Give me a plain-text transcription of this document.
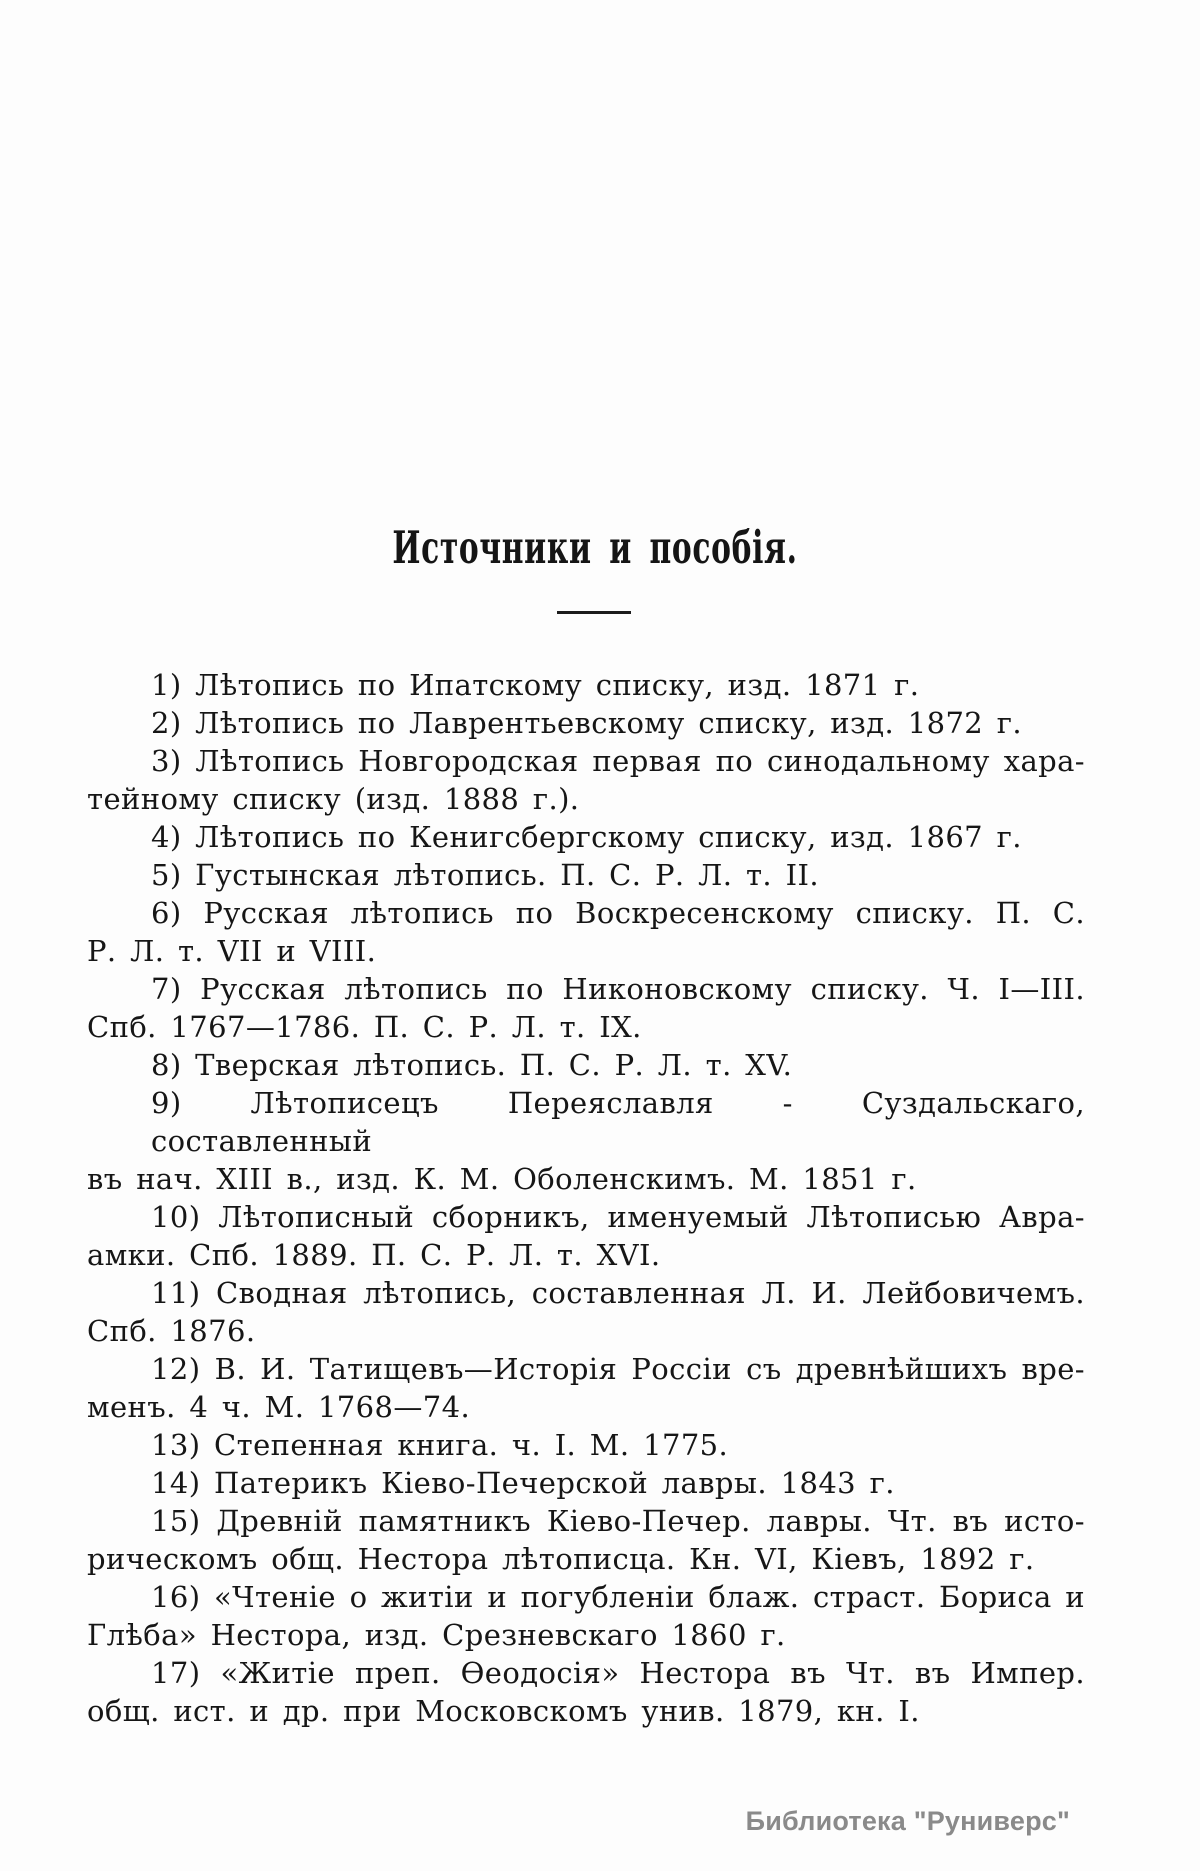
Источники и пособія.
1) Лѣтопись по Ипатскому списку, изд. 1871 г.
2) Лѣтопись по Лаврентьевскому списку, изд. 1872 г.
3) Лѣтопись Новгородская первая по синодальному хара-
тейному списку (изд. 1888 г.).
4) Лѣтопись по Кенигсбергскому списку, изд. 1867 г.
5) Густынская лѣтопись. П. С. Р. Л. т. II.
6) Русская лѣтопись по Воскресенскому списку. П. С.
Р. Л. т. VII и VIII.
7) Русская лѣтопись по Никоновскому списку. Ч. I—III.
Спб. 1767—1786. П. С. Р. Л. т. IX.
8) Тверская лѣтопись. П. С. Р. Л. т. XV.
9) Лѣтописецъ Переяславля - Суздальскаго, составленный
въ нач. XIII в., изд. К. М. Оболенскимъ. М. 1851 г.
10) Лѣтописный сборникъ, именуемый Лѣтописью Авра-
амки. Спб. 1889. П. С. Р. Л. т. XVI.
11) Сводная лѣтопись, составленная Л. И. Лейбовичемъ.
Спб. 1876.
12) В. И. Татищевъ—Исторія Россіи съ древнѣйшихъ вре-
менъ. 4 ч. М. 1768—74.
13) Степенная книга. ч. I. М. 1775.
14) Патерикъ Кіево-Печерской лавры. 1843 г.
15) Древній памятникъ Кіево-Печер. лавры. Чт. въ исто-
рическомъ общ. Нестора лѣтописца. Кн. VI, Кіевъ, 1892 г.
16) «Чтеніе о житіи и погубленіи блаж. страст. Бориса и
Глѣба» Нестора, изд. Срезневскаго 1860 г.
17) «Житіе преп. Ѳеодосія» Нестора въ Чт. въ Импер.
общ. ист. и др. при Московскомъ унив. 1879, кн. I.
Библиотека "Руниверс"
